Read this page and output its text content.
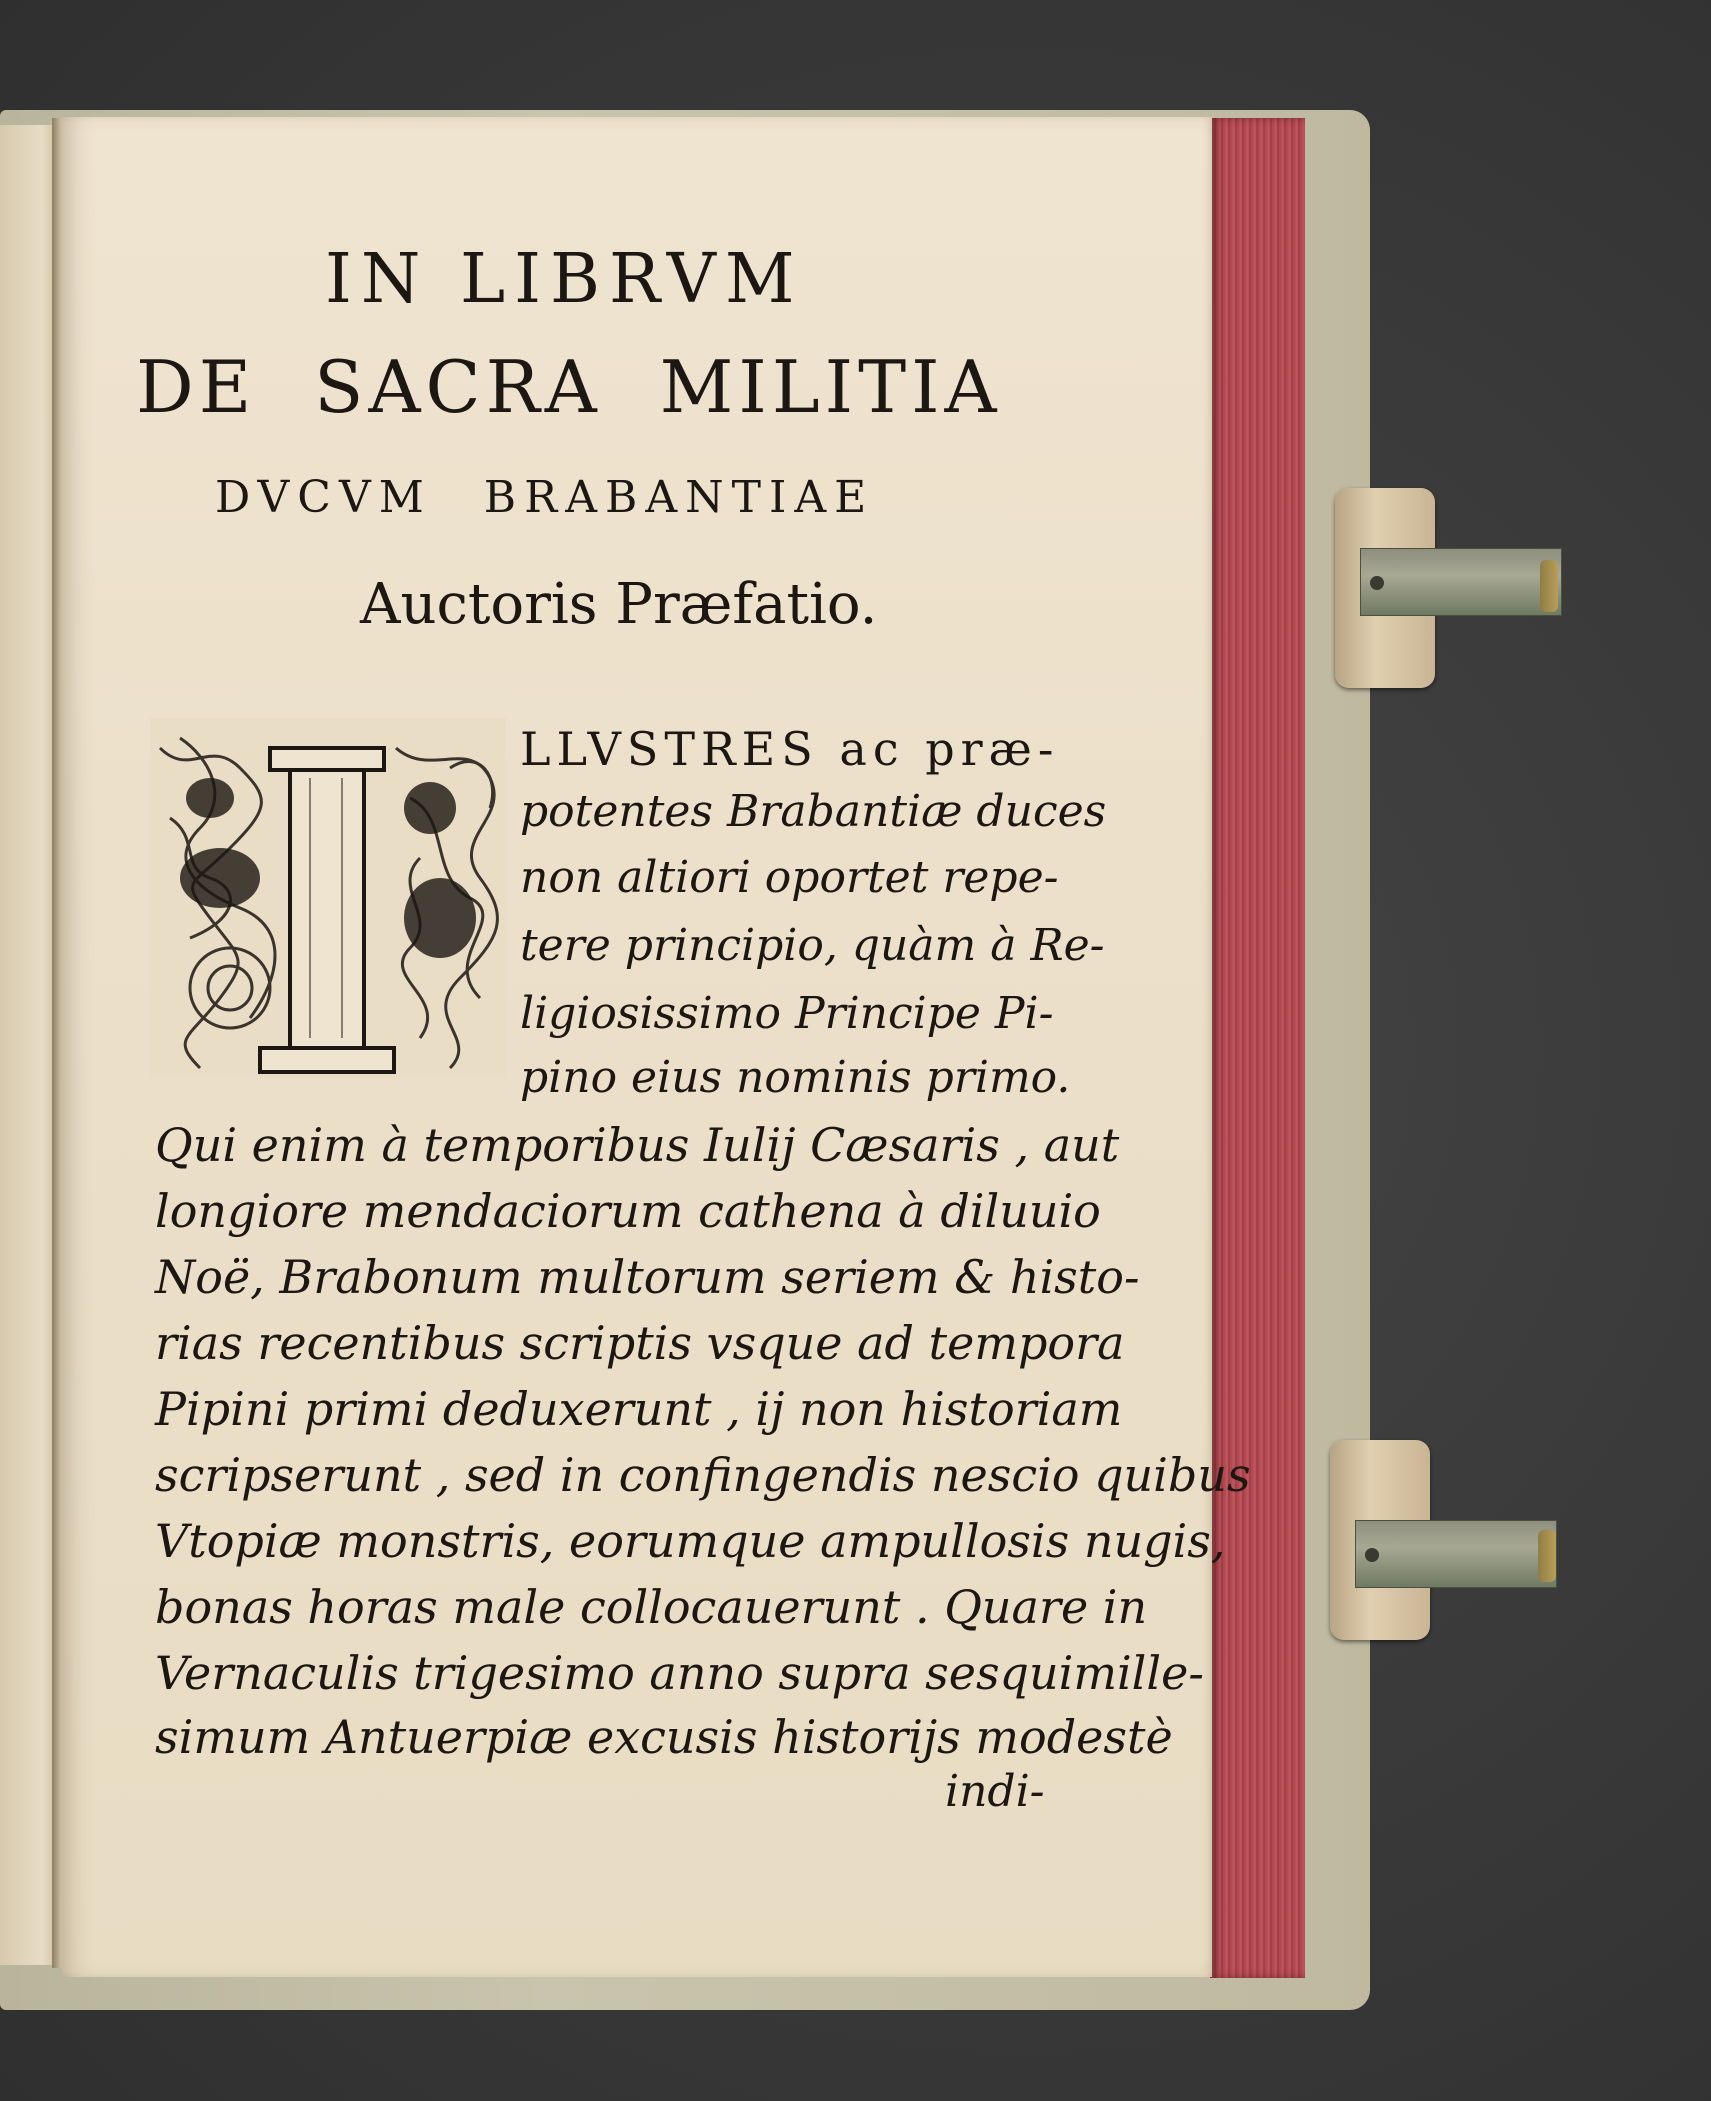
IN LIBRVM
DE SACRA MILITIA
DVCVM BRABANTIAE
Auctoris Præfatio.
LLVSTRES ac præ-
potentes Brabantiæ duces
non altiori oportet repe-
tere principio, quàm à Re-
ligiosissimo Principe Pi-
pino eius nominis primo.
Qui enim à temporibus Iulij Cæsaris , aut
longiore mendaciorum cathena à diluuio
Noë, Brabonum multorum seriem & histo-
rias recentibus scriptis vsque ad tempora
Pipini primi deduxerunt , ij non historiam
scripserunt , sed in confingendis nescio quibus
Vtopiæ monstris, eorumque ampullosis nugis,
bonas horas male collocauerunt . Quare in
Vernaculis trigesimo anno supra sesquimille-
simum Antuerpiæ excusis historijs modestè
indi-
